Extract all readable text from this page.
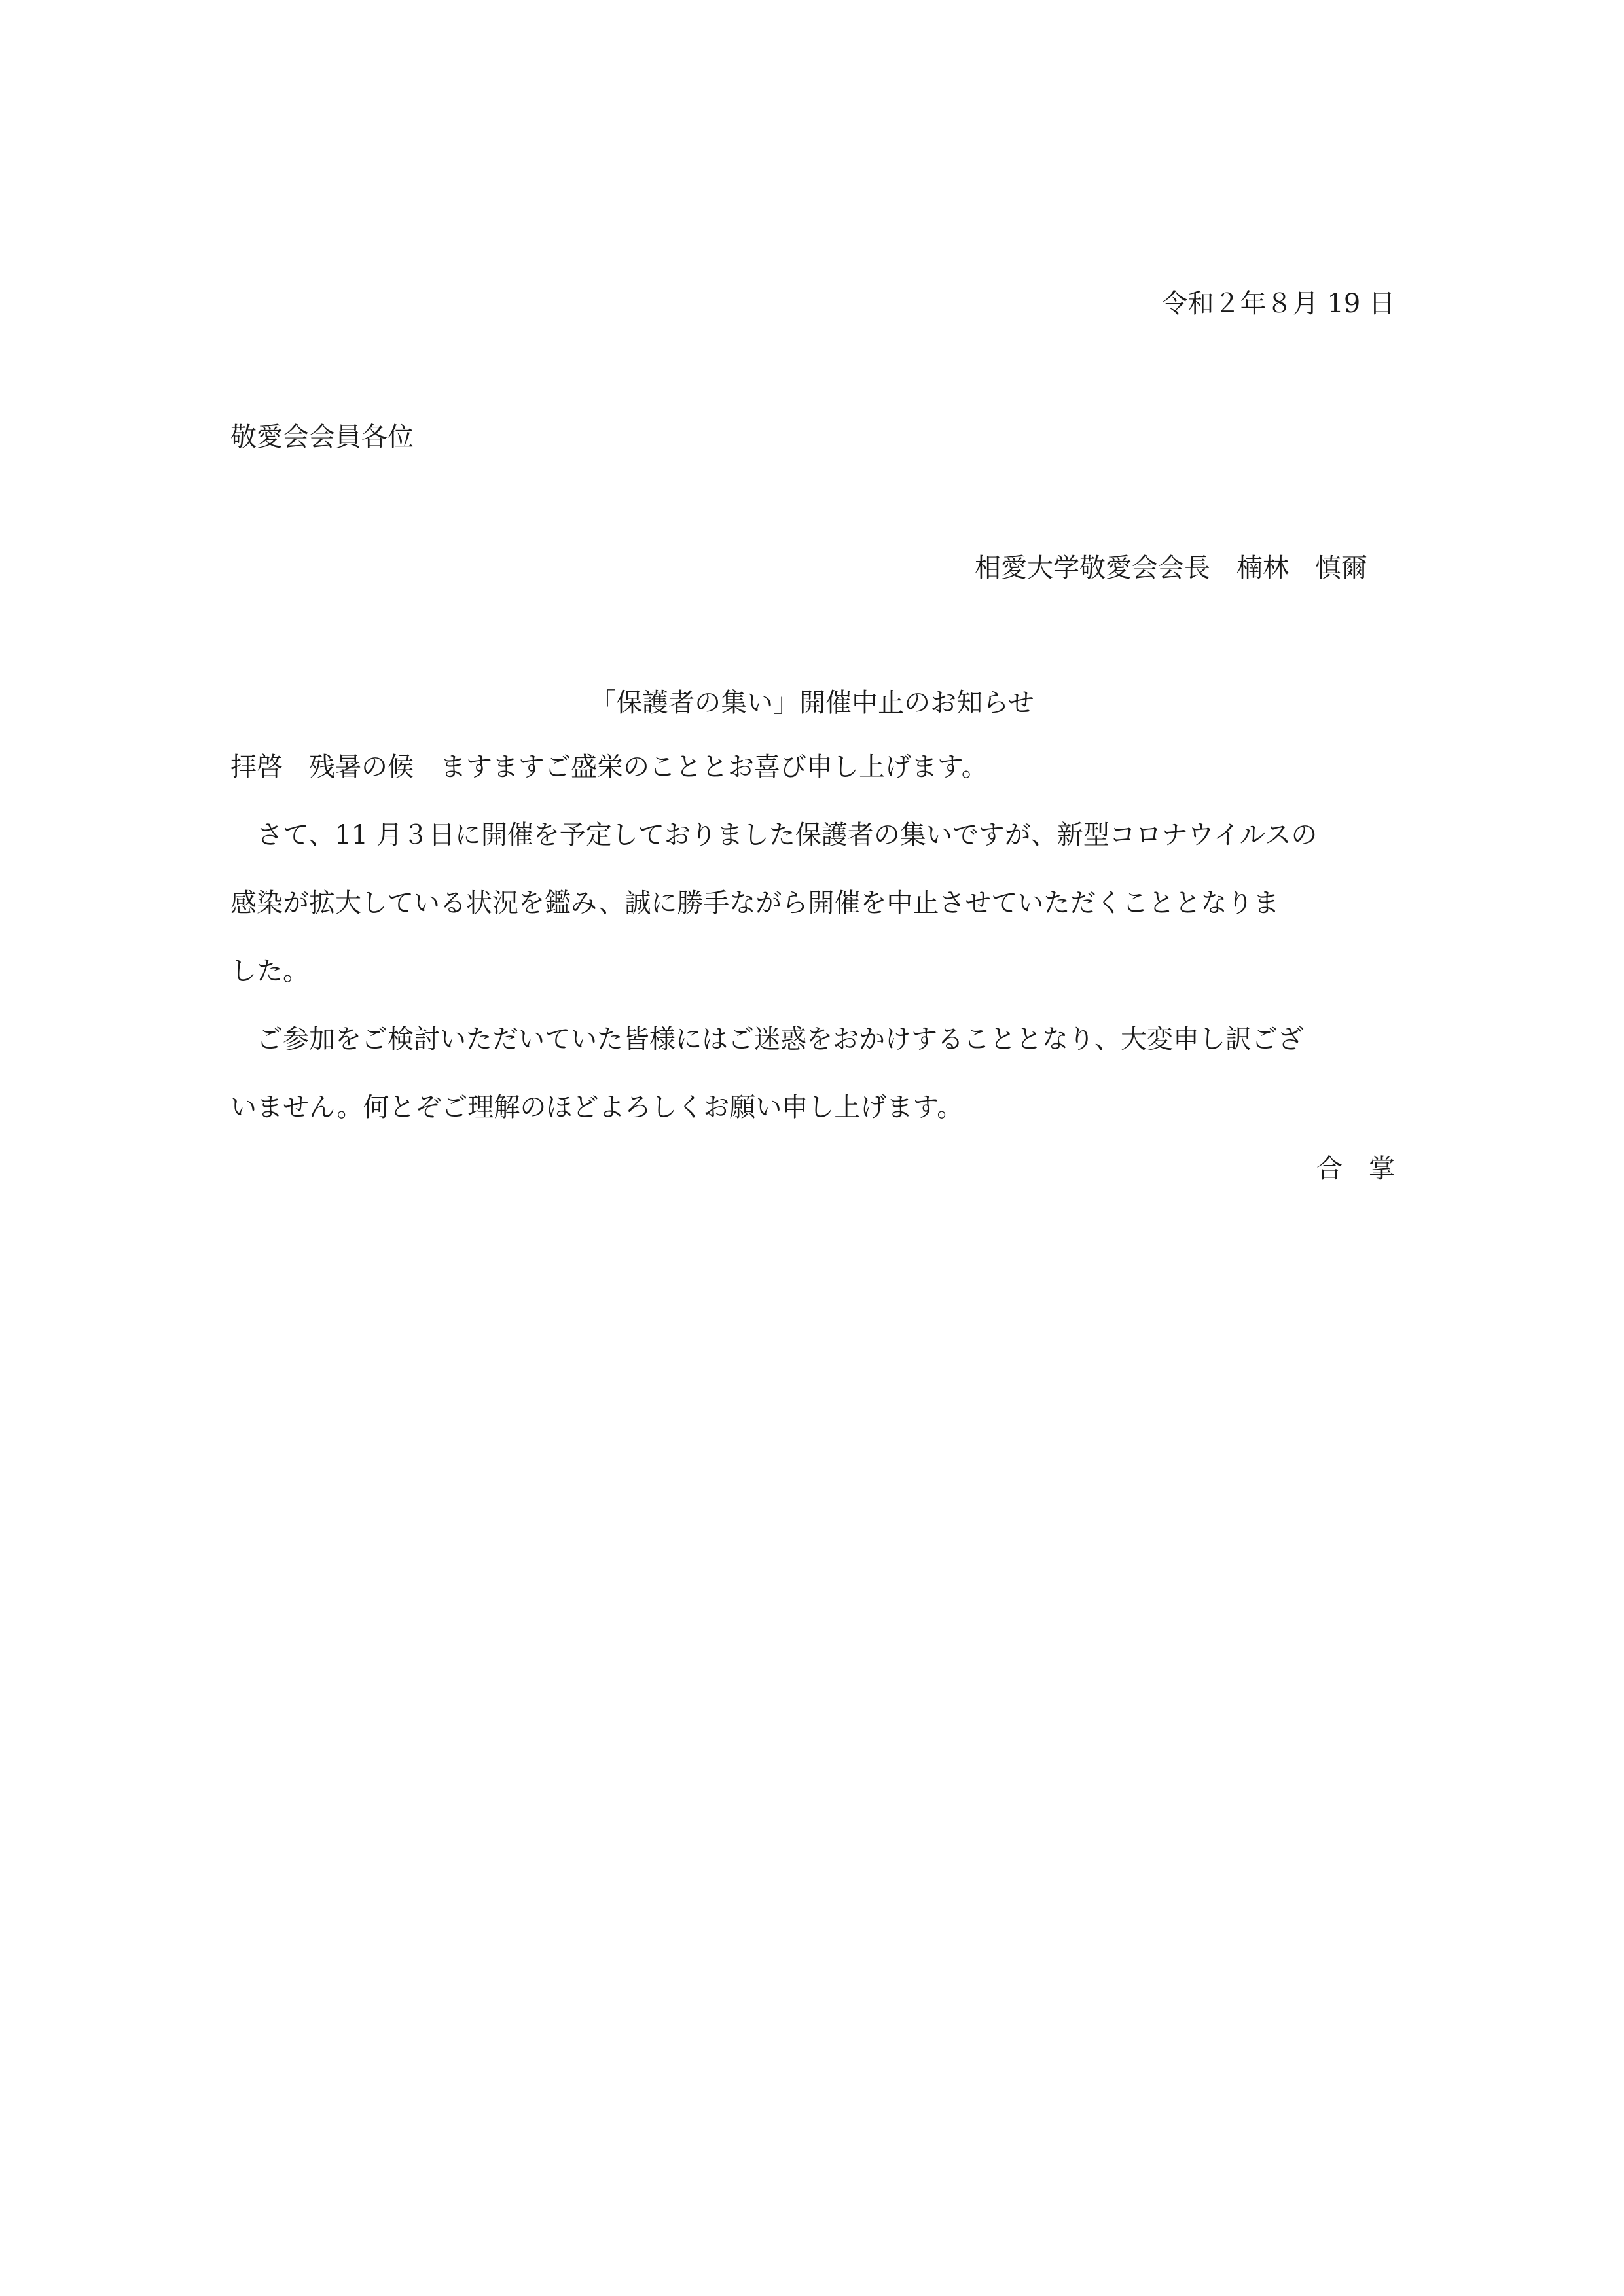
令和２年８月 19 日
敬愛会会員各位
相愛大学敬愛会会長　楠林　慎爾
「保護者の集い」開催中止のお知らせ
拝啓　残暑の候　ますますご盛栄のこととお喜び申し上げます。
　さて、11 月３日に開催を予定しておりました保護者の集いですが、新型コロナウイルスの
感染が拡大している状況を鑑み、誠に勝手ながら開催を中止させていただくこととなりま
した。
　ご参加をご検討いただいていた皆様にはご迷惑をおかけすることとなり、大変申し訳ござ
いません。何とぞご理解のほどよろしくお願い申し上げます。
合掌
